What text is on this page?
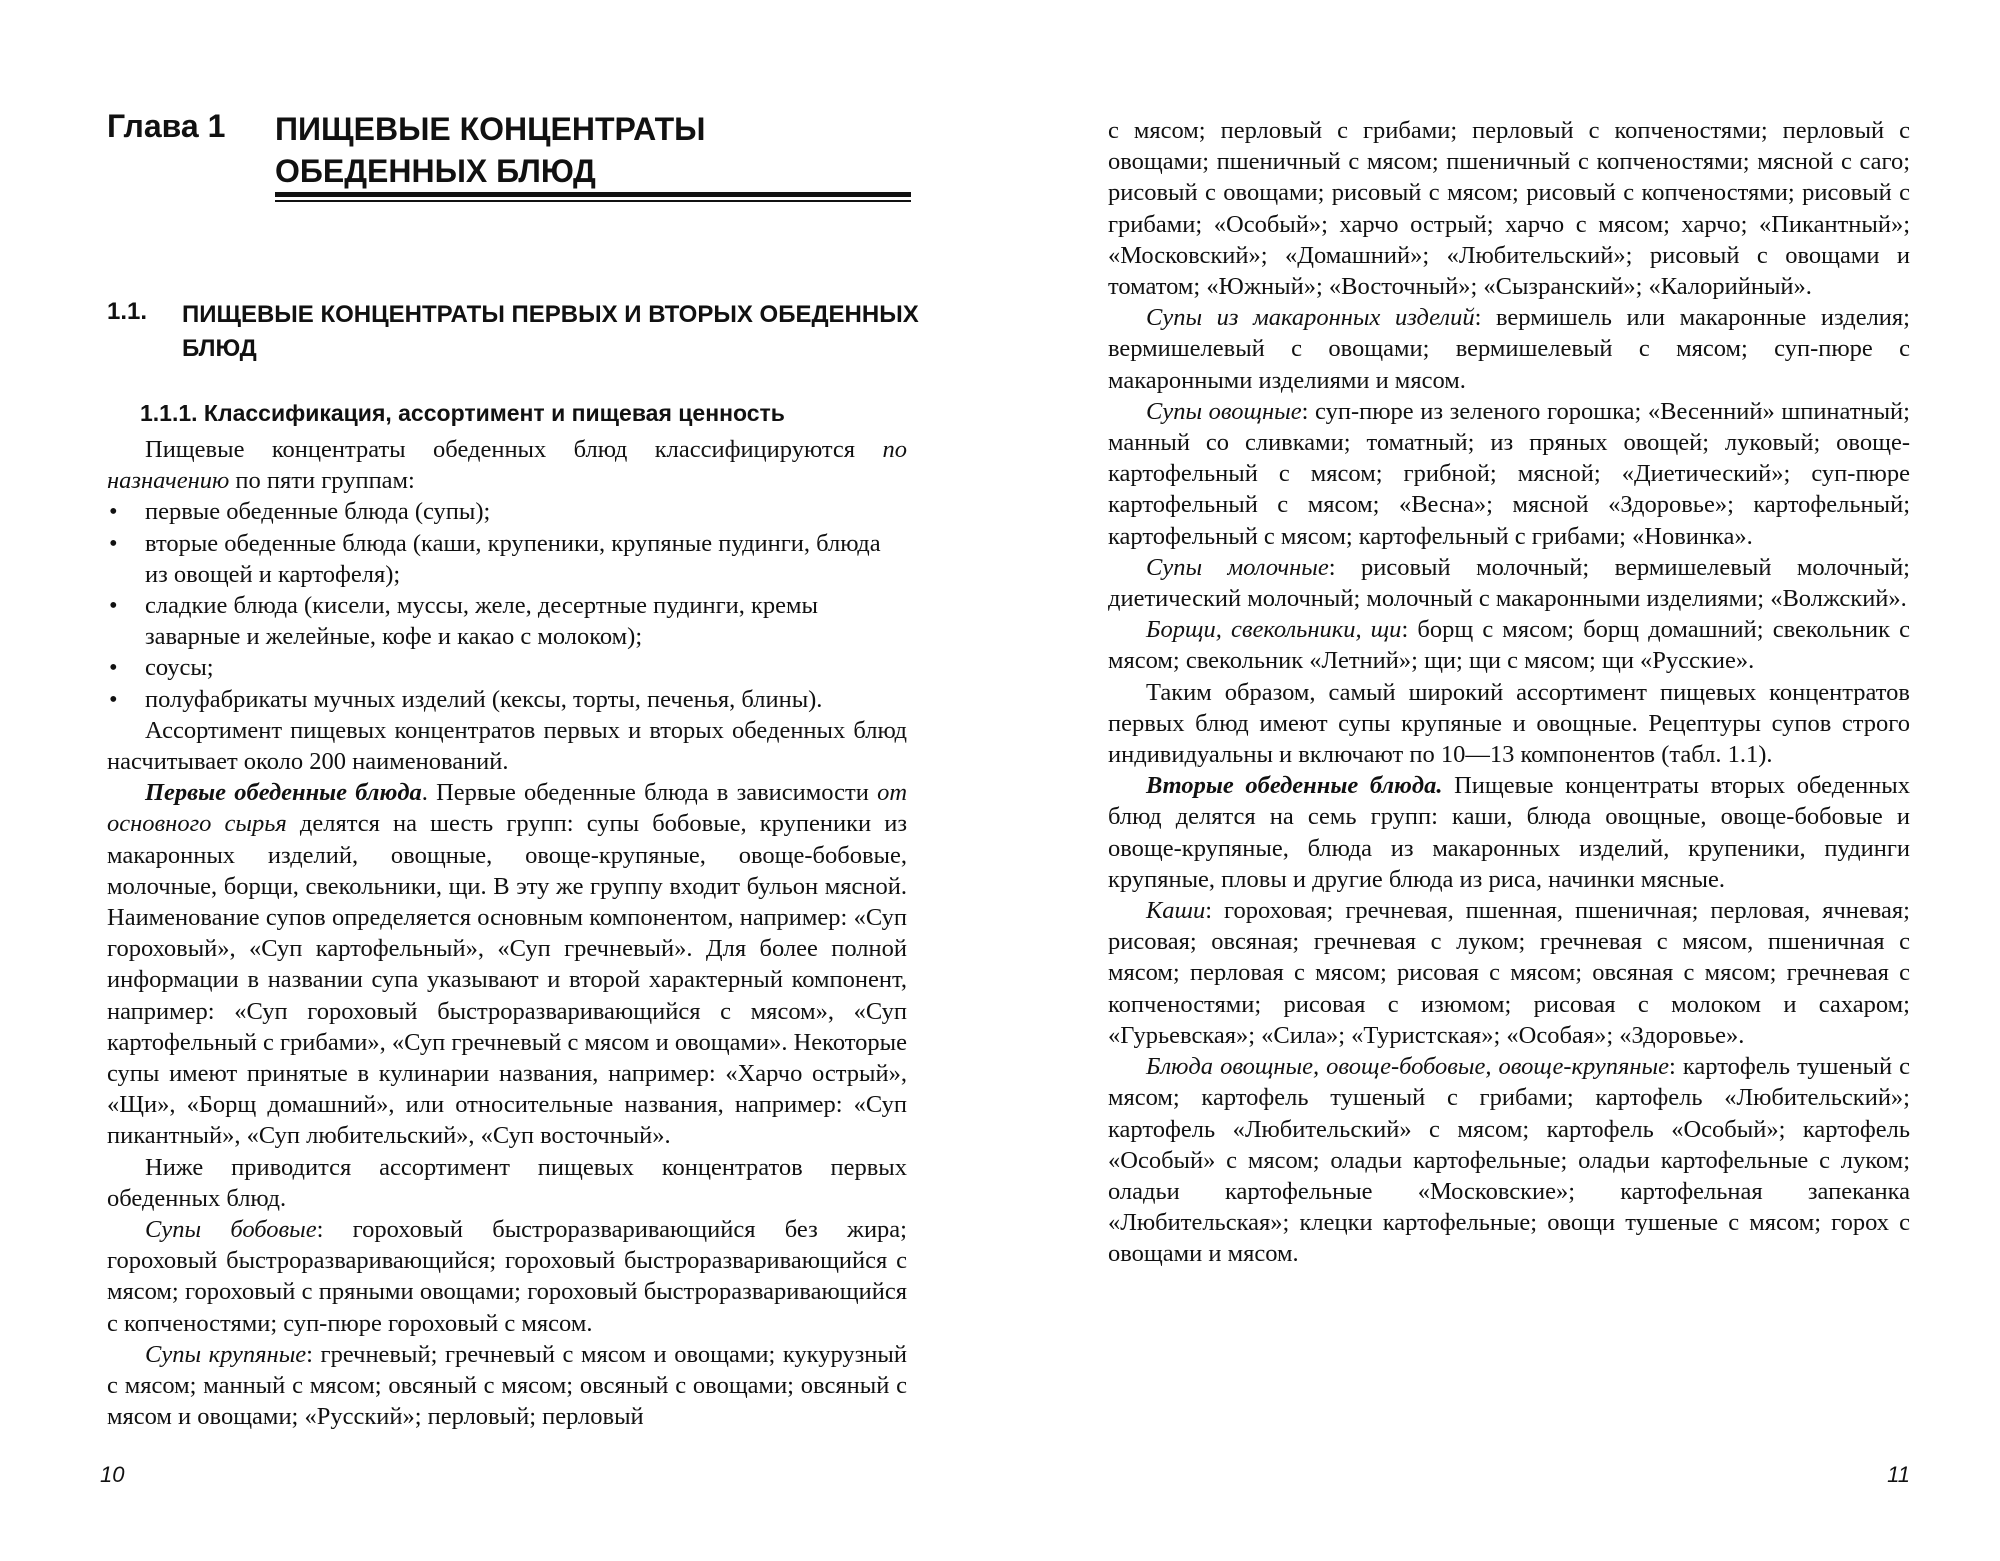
Глава 1 ПИЩЕВЫЕ КОНЦЕНТРАТЫ ОБЕДЕННЫХ БЛЮД
1.1. ПИЩЕВЫЕ КОНЦЕНТРАТЫ ПЕРВЫХ И ВТОРЫХ ОБЕДЕННЫХ БЛЮД
1.1.1. Классификация, ассортимент и пищевая ценность

Пищевые концентраты обеденных блюд классифицируются по назначению по пяти группам:

• первые обеденные блюда (супы);
• вторые обеденные блюда (каши, крупеники, крупяные пудинги, блюда из овощей и картофеля);
• сладкие блюда (кисели, муссы, желе, десертные пудинги, кремы заварные и желейные, кофе и какао с молоком);
• соусы;
• полуфабрикаты мучных изделий (кексы, торты, печенья, блины).

Ассортимент пищевых концентратов первых и вторых обеденных блюд насчитывает около 200 наименований.

Первые обеденные блюда. Первые обеденные блюда в зависимости от основного сырья делятся на шесть групп: супы бобовые, крупеники из макаронных изделий, овощные, овоще-крупяные, овоще-бобовые, молочные, борщи, свекольники, щи. В эту же группу входит бульон мясной. Наименование супов определяется основным компонентом, например: «Суп гороховый», «Суп картофельный», «Суп гречневый». Для более полной информации в названии супа указывают и второй характерный компонент, например: «Суп гороховый быстроразваривающийся с мясом», «Суп картофельный с грибами», «Суп гречневый с мясом и овощами». Некоторые супы имеют принятые в кулинарии названия, например: «Харчо острый», «Щи», «Борщ домашний», или относительные названия, например: «Суп пикантный», «Суп любительский», «Суп восточный».

Ниже приводится ассортимент пищевых концентратов первых обеденных блюд.

Супы бобовые: гороховый быстроразваривающийся без жира; гороховый быстроразваривающийся; гороховый быстроразваривающийся с мясом; гороховый с пряными овощами; гороховый быстроразваривающийся с копченостями; суп-пюре гороховый с мясом.

Супы крупяные: гречневый; гречневый с мясом и овощами; кукурузный с мясом; манный с мясом; овсяный с мясом; овсяный с овощами; овсяный с мясом и овощами; «Русский»; перловый; перловый

10

с мясом; перловый с грибами; перловый с копченостями; перловый с овощами; пшеничный с мясом; пшеничный с копченостями; мясной с саго; рисовый с овощами; рисовый с мясом; рисовый с копченостями; рисовый с грибами; «Особый»; харчо острый; харчо с мясом; харчо; «Пикантный»; «Московский»; «Домашний»; «Любительский»; рисовый с овощами и томатом; «Южный»; «Восточный»; «Сызранский»; «Калорийный».

Супы из макаронных изделий: вермишель или макаронные изделия; вермишелевый с овощами; вермишелевый с мясом; суп-пюре с макаронными изделиями и мясом.

Супы овощные: суп-пюре из зеленого горошка; «Весенний» шпинатный; манный со сливками; томатный; из пряных овощей; луковый; овоще-картофельный с мясом; грибной; мясной; «Диетический»; суп-пюре картофельный с мясом; «Весна»; мясной «Здоровье»; картофельный; картофельный с мясом; картофельный с грибами; «Новинка».

Супы молочные: рисовый молочный; вермишелевый молочный; диетический молочный; молочный с макаронными изделиями; «Волжский».

Борщи, свекольники, щи: борщ с мясом; борщ домашний; свекольник с мясом; свекольник «Летний»; щи; щи с мясом; щи «Русские».

Таким образом, самый широкий ассортимент пищевых концентратов первых блюд имеют супы крупяные и овощные. Рецептуры супов строго индивидуальны и включают по 10—13 компонентов (табл. 1.1).

Вторые обеденные блюда. Пищевые концентраты вторых обеденных блюд делятся на семь групп: каши, блюда овощные, овоще-бобовые и овоще-крупяные, блюда из макаронных изделий, крупеники, пудинги крупяные, пловы и другие блюда из риса, начинки мясные.

Каши: гороховая; гречневая, пшенная, пшеничная; перловая, ячневая; рисовая; овсяная; гречневая с луком; гречневая с мясом, пшеничная с мясом; перловая с мясом; рисовая с мясом; овсяная с мясом; гречневая с копченостями; рисовая с изюмом; рисовая с молоком и сахаром; «Гурьевская»; «Сила»; «Туристская»; «Особая»; «Здоровье».

Блюда овощные, овоще-бобовые, овоще-крупяные: картофель тушеный с мясом; картофель тушеный с грибами; картофель «Любительский»; картофель «Любительский» с мясом; картофель «Особый»; картофель «Особый» с мясом; оладьи картофельные; оладьи картофельные с луком; оладьи картофельные «Московские»; картофельная запеканка «Любительская»; клецки картофельные; овощи тушеные с мясом; горох с овощами и мясом.

11
